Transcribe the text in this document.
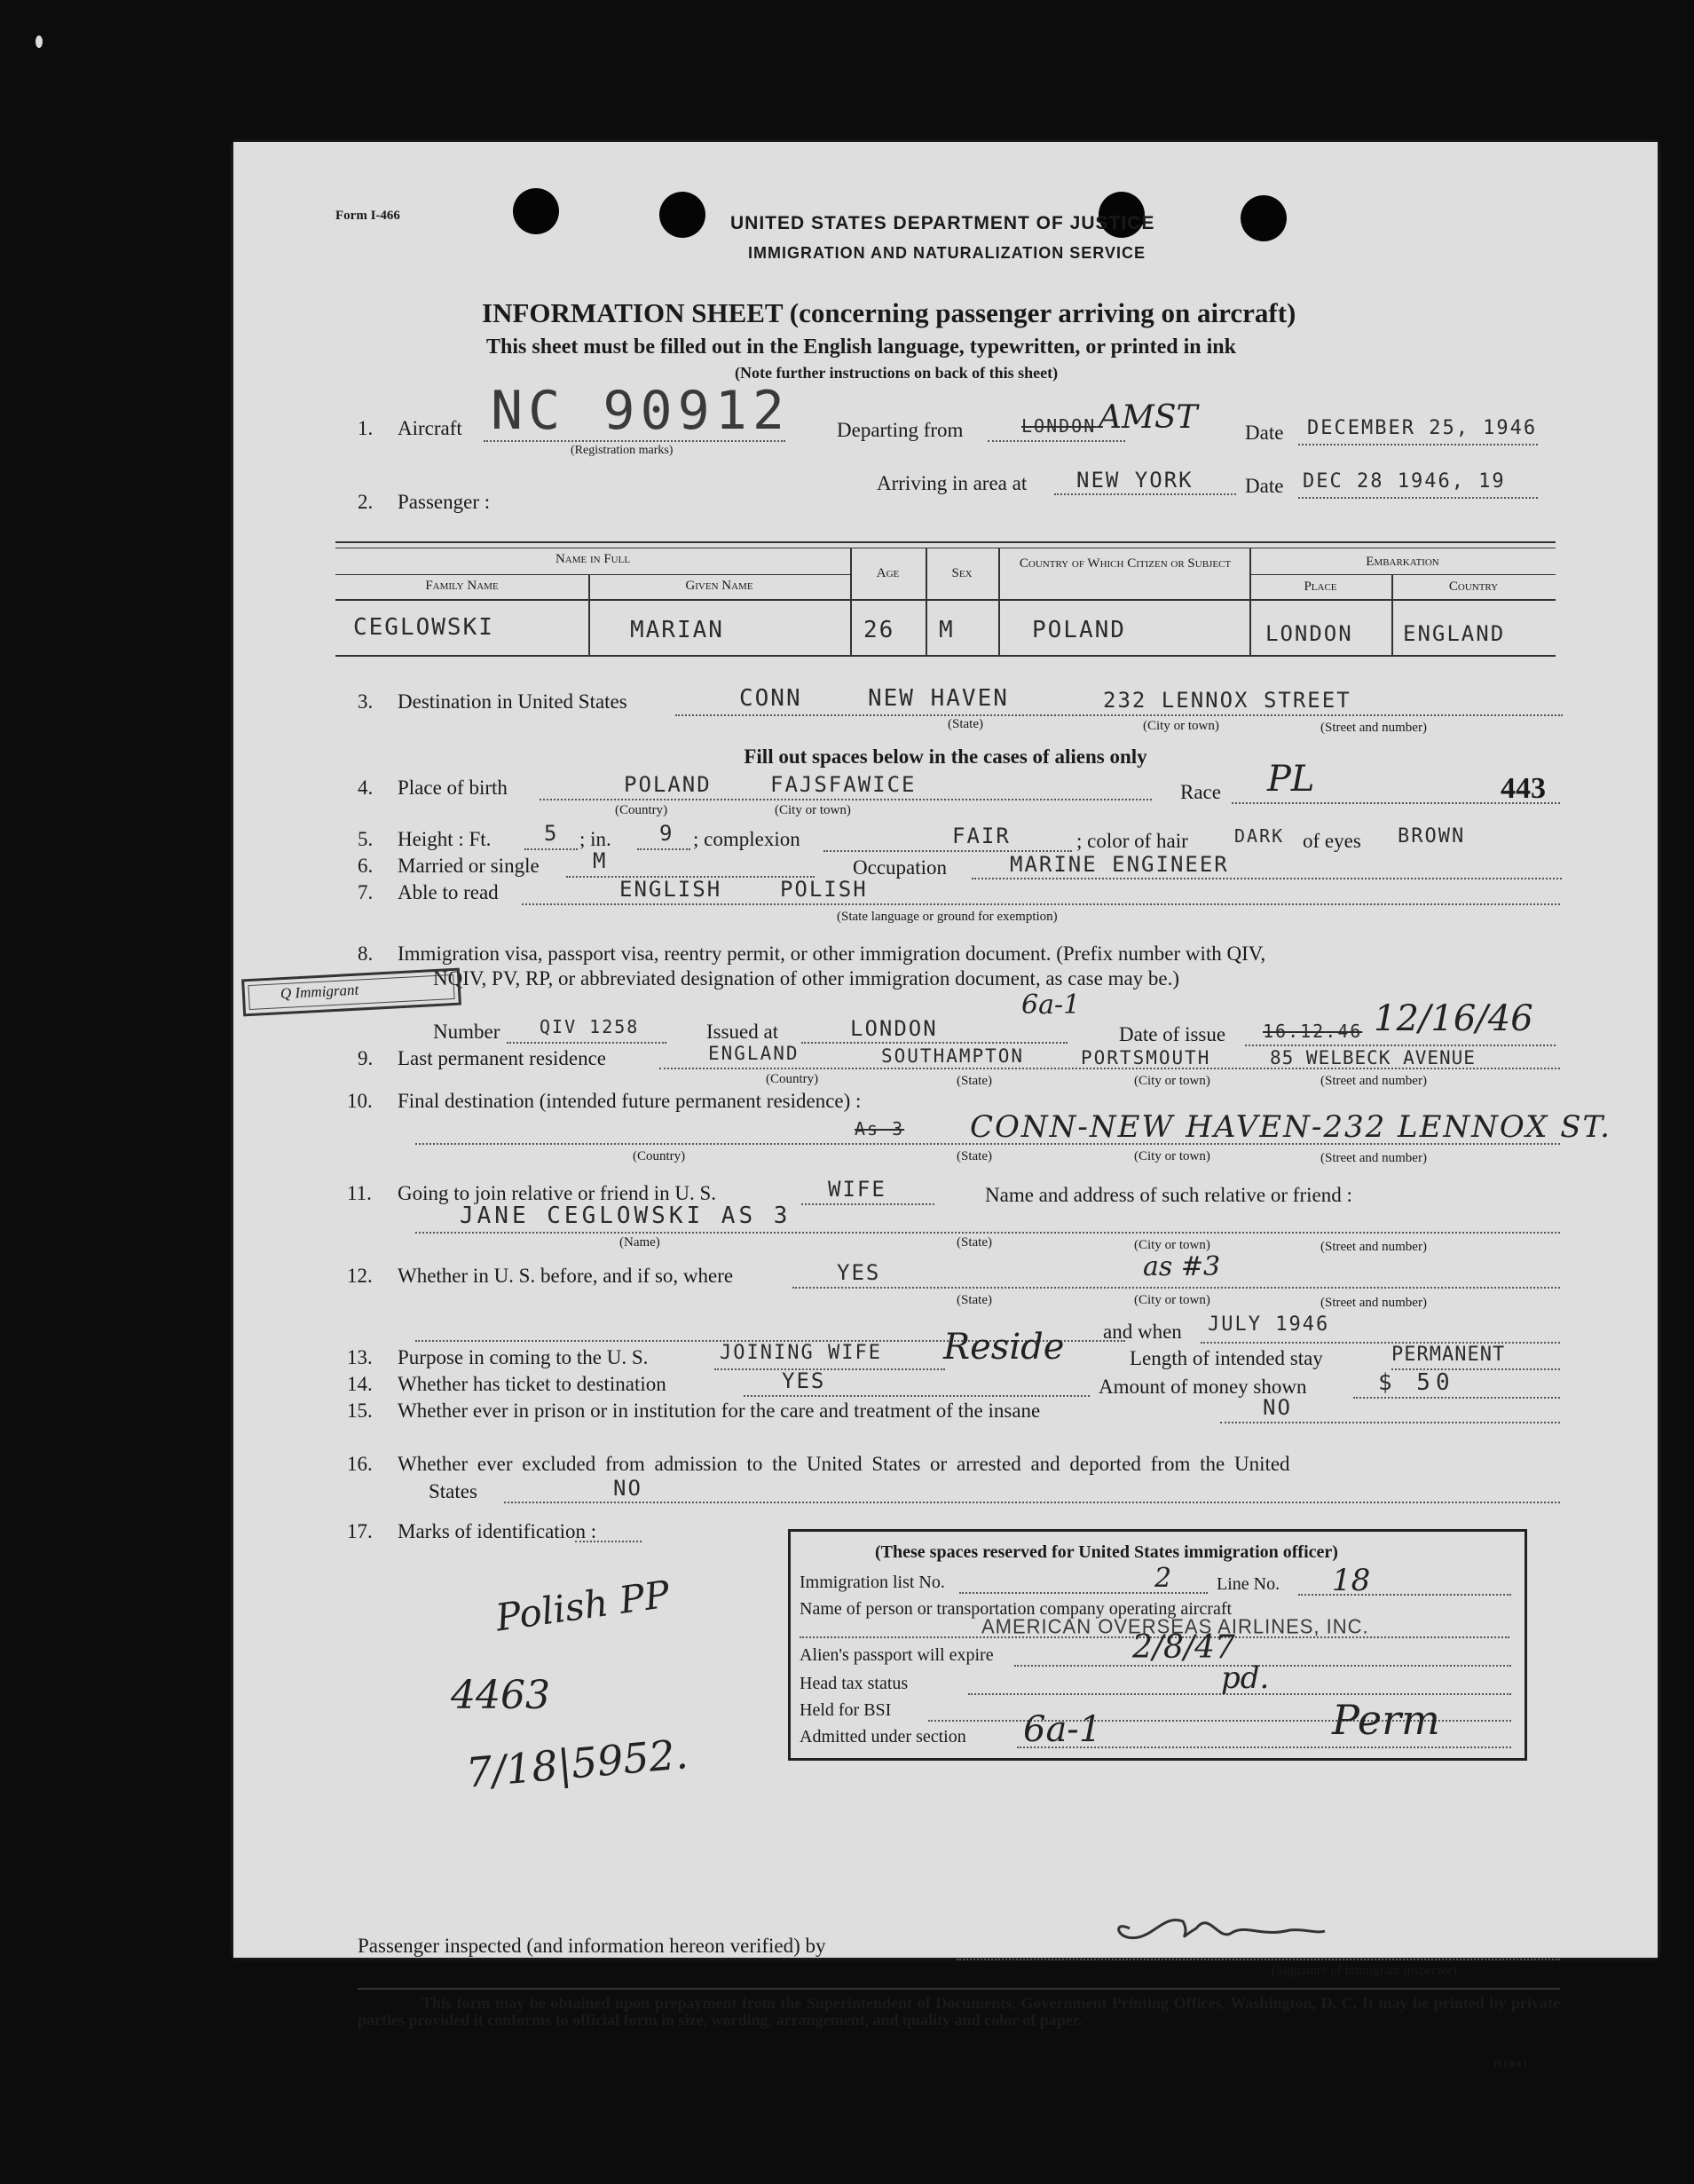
Form I-466	UNITED STATES DEPARTMENT OF JUSTICE
IMMIGRATION AND NATURALIZATION SERVICE
INFORMATION SHEET (concerning passenger arriving on aircraft)
This sheet must be filled out in the English language, typewritten, or printed in ink
(Note further instructions on back of this sheet)
1. Aircraft NC 90912
(Registration marks)
Departing from	LONDON AMST Date DECEMBER 25, 1946
Arriving in area at NEW YORK	Date DEC 28 1946, 19
2. Passenger :
Name in Full
Family Name	Given Name
Age	Sex
Country of Which Citizen or Subject	Embarkation
Place	Country
CEGLOWSKI	MARIAN	26 M	POLAND	LONDON ENGLAND
3. Destination in United States	CONN	NEW HAVEN	232 LENNOX STREET
(State)	(City or town)	(Street and number)
Fill out spaces below in the cases of aliens only
4. Place of birth	POLAND	FAJSFAWICE
(Country)	(City or town)
Race PL	443
5. Height : Ft. 5 ; in. 9 ; complexion	FAIR	; color of hair	DARK of eyes BROWN
6. Married or single	M	Occupation	MARINE ENGINEER
7. Able to read	ENGLISH    POLISH
(State language or ground for exemption)
8. Immigration visa, passport visa, reentry permit, or other immigration document. (Prefix number with QIV,
NQIV, PV, RP, or abbreviated designation of other immigration document, as case may be.)
Q Immigrant
Number QIV 1258	Issued at	LONDON
6a-1
Date of issue 16.12.46 12/16/46
9. Last permanent residence	ENGLAND	SOUTHAMPTON	PORTSMOUTH	85 WELBECK AVENUE
(Country)	(State)	(City or town)	(Street and number)
10. Final destination (intended future permanent residence) :
As 3 CONN-NEW HAVEN-232 LENNOX ST.
(Country)	(State)	(City or town)	(Street and number)
11. Going to join relative or friend in U. S.	WIFE	Name and address of such relative or friend :
JANE CEGLOWSKI AS 3
(Name)	(State)	(City or town)	(Street and number)
12. Whether in U. S. before, and if so, where	YES	as #3
(State)	(City or town)	(Street and number)
and when JULY 1946
Reside
13. Purpose in coming to the U. S.	JOINING WIFE	Length of intended stay	PERMANENT
14. Whether has ticket to destination	YES	Amount of money shown	$ 50
15. Whether ever in prison or in institution for the care and treatment of the insane	NO
16. Whether ever excluded from admission to the United States or arrested and deported from the United
States	NO
17. Marks of identification :
Polish PP
4463
7/18|5952.
(These spaces reserved for United States immigration officer)
Immigration list No.	2	Line No. 18
Name of person or transportation company operating aircraft
AMERICAN OVERSEAS AIRLINES, INC.
Alien's passport will expire	2/8/47
Head tax status	pd.
Held for BSI
Admitted under section 6a-1	Perm
Passenger inspected (and information hereon verified) by
(Signature of immigrant inspector)
This form may be obtained upon prepayment from the Superintendent of Documents, Government Printing Offices, Washington, D. C. It may be printed by private parties provided it conforms to official form in size, wording, arrangement, and quality and color of paper.
H1881
